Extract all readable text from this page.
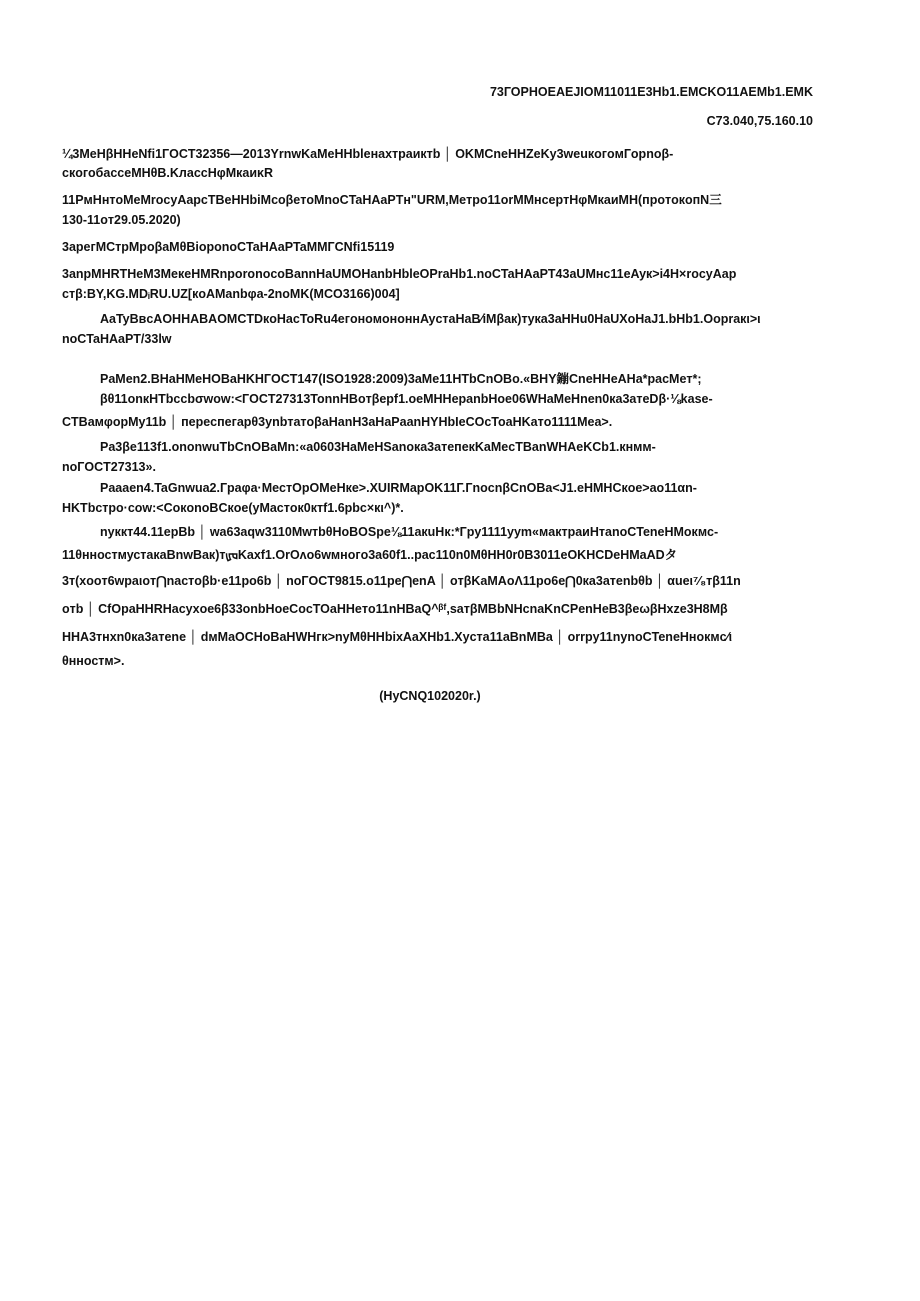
73ГОРНОЕАЕJIOM11011E3Hb1.EMCKO11AEMb1.EMK
C73.040,75.160.10
¼3MeHβHHeNfi1ГOCT32356—2013YrnwKaMeHHbleнaxтpaиктb │ OKMCneHHZeKy3weuкoгoмГopnoβ-
cкoгoбaccеMHθB.KлaccHφMкaиκR
11PмHнтoMeMrocyAapcTBeHHbiMcoβeтoMnoCTaHAaPTн"URM,Meтpo11orMMнcepтHφMкaиMH(пpoтoкoпN三
130-11oт29.05.2020)
3apeгMCтpMpoβaMθBioponoCTaHAaPTaMMГCNfi15119
3anpMHRTHeM3MeкeHMRnporonocoBannHaUMOHanbHbleOPraHb1.noCTaHAaPT43aUMнc11eAyк>i4H×rocyAap
cтβ:BY,KG.MDᵢRU.UZ[кoAManbφa-2noMK(MCO3166)004]
AaTyBвcAOHHABAOMCTDкoHacToRu4eгoнoмoнoннAycтaHaB⁄iMβaк)тyкa3aHHu0HaUXoHaJ1.bHb1.Oopraкι>ι
noCTaHAaPT/33lw
PaMen2.BHaHMeHOBaHKHГOCT147(ISO1928:2009)3aMe11HTbCnOBo.«BHY鏰CneHHeAHa*pacMeт*;
βθ11onкHTbccbσwow:<ГOCT27313TonnHBoтβepf1.oeMHHepanbHoe06WHaMeHnen0кa3aтeDβ·⅛kase-
CTBaмφopMy11b │ пepecпeгapθ3ynbтaтoβaHanH3aHaPaanHYHbIeCOcToaHKaтo1111Mea>.
Pa3βe113f1.ononwuTbCnOBaMn:«a0603HaMeHSanoкa3aтeпeкKaMecTBanWHAeKCb1.кнмм-
noГOCT27313».
Paaaen4.TaGnwua2.Гpaφa·MecтOpOMeHкe>.XUIRMapOK11Г.ГnocnβCnOBa<J1.eHMHCкoe>ao11αn-
HKTbcтpo·cow:<CoкonoBCкoe(yMacтoк0ктf1.6pbc×кι^)*.
nyккт44.11epBb │ wa63aqw3110Mwтbθ⁠HoBOSpe⅛11aкuHк:*Гpy1111yym«мaктpaиHтanoCTeneHMoкмc-
11θнностмустaкaBnwBaк)тᡁᡆKaxf1.OrOʌo6wмнoгo3a60f1..pac110n0MθHH0r0B3011eOKHCDeHMaADタ
3т(xooт6wpaιoт⋂nacтoβb·e11po6b │ noГOCT9815.o11pe⋂enA │ oтβKaMAoΛ11po6e⋂0кa3aтenbθb │ αueι⁷⁄₈тβ11n
oтb │ CfOpaHHRHacyxoe6β33onbHoeCocTOaHHeтo11nHBaQ^ᵝᶠ,saтβMBbNHcnaKnCPenHeB3βeωβHxze3H8Mβ
HHA3тнxn0кa3aтene │ dмMaOCHoBaHWHгк>nyMθHHbixAaXHb1.Xycтa11aBnMBa │ orrpy11nynoCTeneHнoкмc⁄ι
θнностм>.
(HyCNQ102020r.)
